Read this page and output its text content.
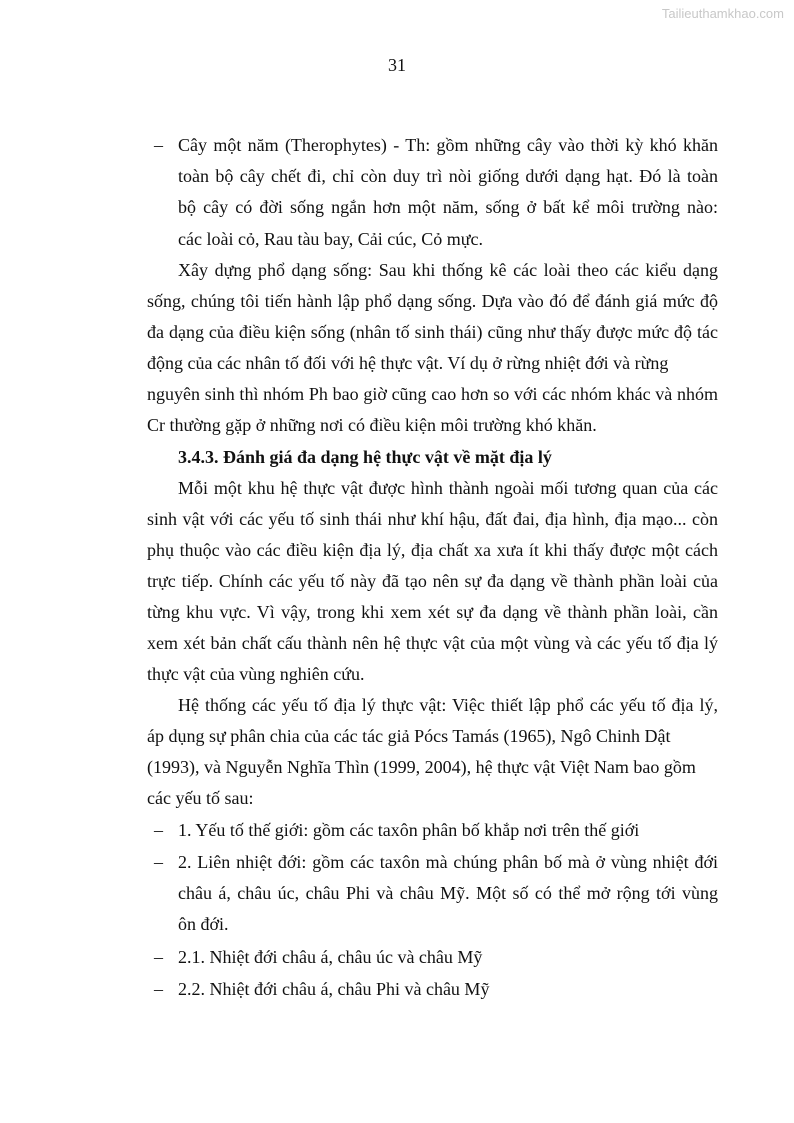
Tailieuthamkhao.com
31
Cây một năm (Therophytes) - Th: gồm những cây vào thời kỳ khó khăn
–
toàn bộ cây chết đi, chỉ còn duy trì nòi giống dưới dạng hạt. Đó là toàn
bộ cây có đời sống ngắn hơn một năm, sống ở bất kể môi trường nào:
các loài cỏ, Rau tàu bay, Cải cúc, Cỏ mực.
Xây dựng phổ dạng sống: Sau khi thống kê các loài theo các kiểu dạng
sống, chúng tôi tiến hành lập phổ dạng sống. Dựa vào đó để đánh giá mức độ
đa dạng của điều kiện sống (nhân tố sinh thái) cũng như thấy được mức độ tác
động của các nhân tố đối với hệ thực vật. Ví dụ ở rừng nhiệt đới và rừng
nguyên sinh thì nhóm Ph bao giờ cũng cao hơn so với các nhóm khác và nhóm
Cr thường gặp ở những nơi có điều kiện môi trường khó khăn.
3.4.3. Đánh giá đa dạng hệ thực vật về mặt địa lý
Mỗi một khu hệ thực vật được hình thành ngoài mối tương quan của các
sinh vật với các yếu tố sinh thái như khí hậu, đất đai, địa hình, địa mạo... còn
phụ thuộc vào các điều kiện địa lý, địa chất xa xưa ít khi thấy được một cách
trực tiếp. Chính các yếu tố này đã tạo nên sự đa dạng về thành phần loài của
từng khu vực. Vì vậy, trong khi xem xét sự đa dạng về thành phần loài, cần
xem xét bản chất cấu thành nên hệ thực vật của một vùng và các yếu tố địa lý
thực vật của vùng nghiên cứu.
Hệ thống các yếu tố địa lý thực vật: Việc thiết lập phổ các yếu tố địa lý,
áp dụng sự phân chia của các tác giả Pócs Tamás (1965), Ngô Chinh Dật
(1993), và Nguyễn Nghĩa Thìn (1999, 2004), hệ thực vật Việt Nam bao gồm
các yếu tố sau:
1. Yếu tố thế giới: gồm các taxôn phân bố khắp nơi trên thế giới
–
2. Liên nhiệt đới: gồm các taxôn mà chúng phân bố mà ở vùng nhiệt đới
–
châu á, châu úc, châu Phi và châu Mỹ. Một số có thể mở rộng tới vùng
ôn đới.
2.1. Nhiệt đới châu á, châu úc và châu Mỹ
–
2.2. Nhiệt đới châu á, châu Phi và châu Mỹ
–
